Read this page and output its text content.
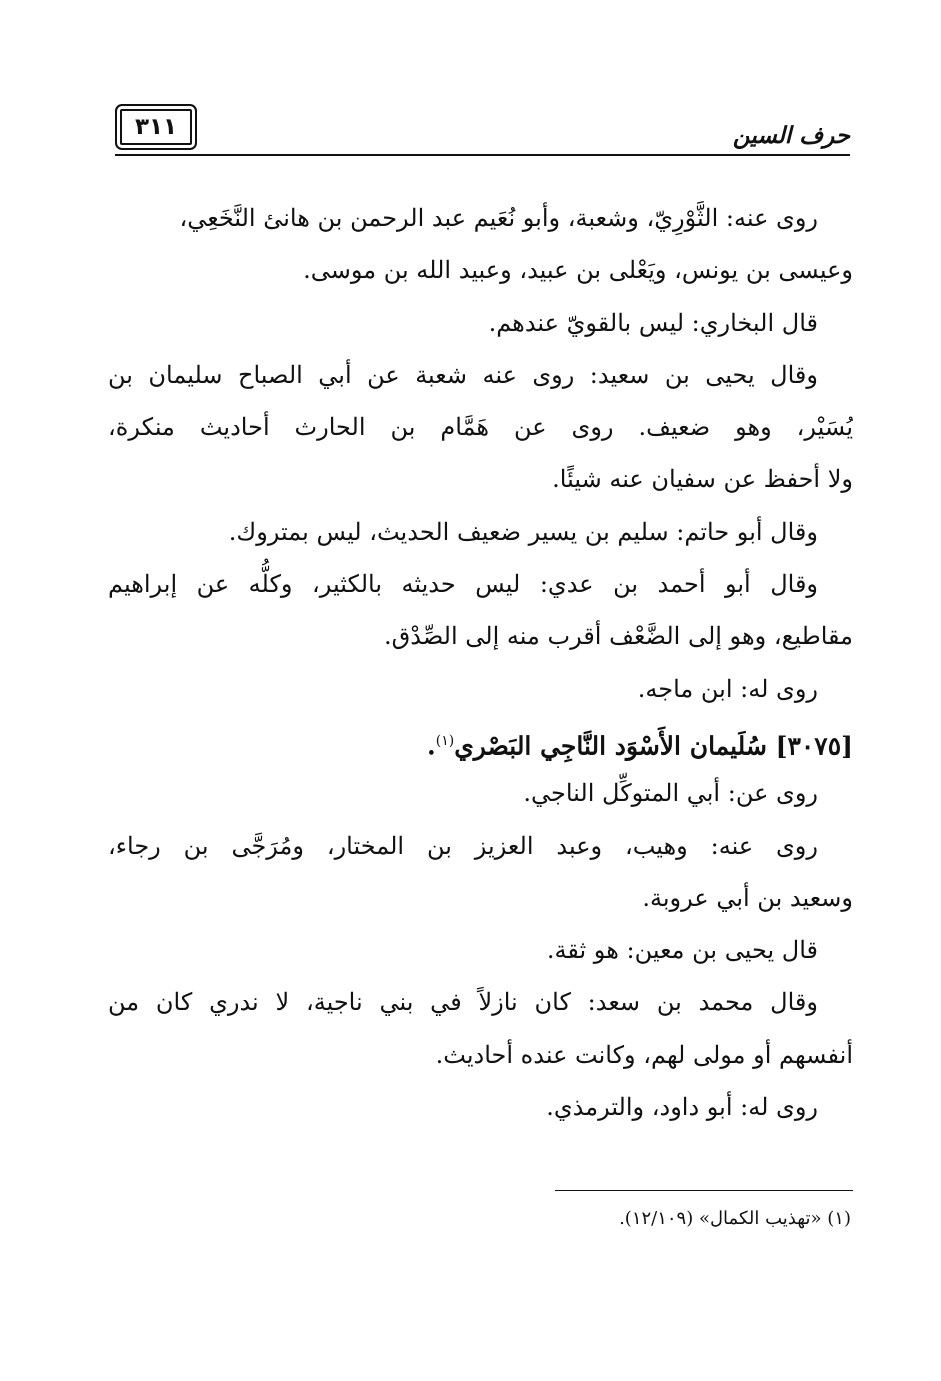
حرف السين
٣١١
روى عنه: الثَّوْرِيّ، وشعبة، وأبو نُعَيم عبد الرحمن بن هانئ النَّخَعِي،
وعيسى بن يونس، ويَعْلى بن عبيد، وعبيد الله بن موسى.
قال البخاري: ليس بالقويّ عندهم.
وقال يحيى بن سعيد: روى عنه شعبة عن أبي الصباح سليمان بن
يُسَيْر، وهو ضعيف. روى عن هَمَّام بن الحارث أحاديث منكرة،
ولا أحفظ عن سفيان عنه شيئًا.
وقال أبو حاتم: سليم بن يسير ضعيف الحديث، ليس بمتروك.
وقال أبو أحمد بن عدي: ليس حديثه بالكثير، وكلُّه عن إبراهيم
مقاطيع، وهو إلى الضَّعْف أقرب منه إلى الصِّدْق.
روى له: ابن ماجه.
[٣٠٧٥] سُلَيمان الأَسْوَد النَّاجِي البَصْري$^{(١)}$.
روى عن: أبي المتوكِّل الناجي.
روى عنه: وهيب، وعبد العزيز بن المختار، ومُرَجَّى بن رجاء،
وسعيد بن أبي عروبة.
قال يحيى بن معين: هو ثقة.
وقال محمد بن سعد: كان نازلاً في بني ناجية، لا ندري كان من
أنفسهم أو مولى لهم، وكانت عنده أحاديث.
روى له: أبو داود، والترمذي.
(١) «تهذيب الكمال» (١٢/١٠٩).
